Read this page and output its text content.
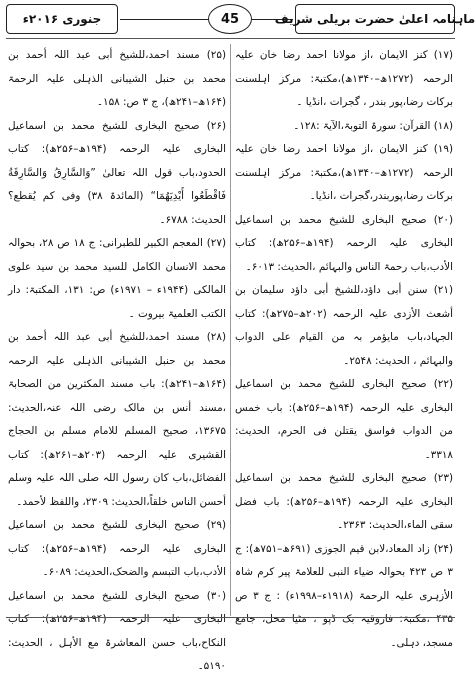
ماہنامہ اعلیٰ حضرت بریلی شریف
45
جنوری ۲۰۱۶ء

(۱۷) کنز الایمان ،از مولانا احمد رضا خان علیہ الرحمہ (۱۲۷۲ھ–۱۳۴۰ھ)،مکتبۃ: مرکز اہلسنت برکات رضا،پور بندر ، گجرات ،انڈیا ۔

(۱۸) القرآن: سورۃ التوبۃ،الآیۃ :۱۲۸۔

(۱۹) کنز الایمان ،از مولانا احمد رضا خان علیہ الرحمہ (۱۲۷۲ھ–۱۳۴۰ھ)،مکتبۃ: مرکز اہلسنت برکات رضا،پوربندر،گجرات ،انڈیا۔

(۲۰) صحیح البخاری للشیخ محمد بن اسماعیل البخاری علیہ الرحمہ (۱۹۴ھ–۲۵۶ھ): کتاب الأدب،باب رحمۃ الناس والبہائم ،الحدیث: ۶۰۱۳۔

(۲۱) سنن أبی داؤد،للشیخ أبی داؤد سلیمان بن أشعث الأزدی علیہ الرحمہ (۲۰۲ھ–۲۷۵ھ): کتاب الجہاد،باب مایؤمر بہ من القیام علی الدواب والبہائم ، الحدیث: ۲۵۴۸۔

(۲۲) صحیح البخاری للشیخ محمد بن اسماعیل البخاری علیہ الرحمہ (۱۹۴ھ–۲۵۶ھ): باب خمس من الدواب فواسق یقتلن فی الحرم، الحدیث: ۳۳۱۸۔

(۲۳) صحیح البخاری للشیخ محمد بن اسماعیل البخاری علیہ الرحمہ (۱۹۴ھ–۲۵۶ھ): باب فضل سقی الماء،الحدیث: ۲۳۶۳۔

(۲۴) زاد المعاد،لابن قیم الجوزی (۶۹۱ھ–۷۵۱ھ): ج ۳ ص ۴۲۳ بحوالہ ضیاء النبی للعلامۃ پیر کرم شاہ الأزہری علیہ الرحمۃ (۱۹۱۸ء–۱۹۹۸ء) : ج ۳ ص ۴۳۵ ،مکتبۃ: فاروقیہ بک ڈپو ، مٹیا محل، جامع مسجد، دہلی۔

(۲۵) مسند احمد،للشیخ أبی عبد اللہ أحمد بن محمد بن حنبل الشیبانی الذہلی علیہ الرحمۃ (۱۶۴ھ–۲۴۱ھ)، ج ۳ ص: ۱۵۸۔

(۲۶) صحیح البخاری للشیخ محمد بن اسماعیل البخاری علیہ الرحمہ (۱۹۴ھ–۲۵۶ھ): کتاب الحدود،باب قول اللہ تعالیٰ ”وَالسَّارِقُ وَالسَّارِقَةُ فَاقْطَعُوا أَيْدِيَهُمَا“ (المائدۃ ۳۸) وفی کم یُقطع؟ الحدیث: ۶۷۸۸۔

(۲۷) المعجم الکبیر للطبرانی: ج ۱۸ ص ۲۸، بحوالہ محمد الانسان الکامل للسید محمد بن سید علوی المالکی (۱۹۴۴ء – ۱۹۷۱ء) ص: ۱۳۱، المکتبۃ: دار الکتب العلمیۃ بیروت ۔

(۲۸) مسند احمد،للشیخ أبی عبد اللہ أحمد بن محمد بن حنبل الشیبانی الذہلی علیہ الرحمہ (۱۶۴ھ–۲۴۱ھ): باب مسند المکثرین من الصحابۃ ،مسند أنس بن مالک رضی اللہ عنہ،الحدیث: ۱۳۶۷۵، صحیح المسلم للامام مسلم بن الحجاج القشیری علیہ الرحمہ (۲۰۳ھ–۲۶۱ھ): کتاب الفضائل،باب کان رسول اللہ صلی اللہ علیہ وسلم أحسن الناس خلقاً،الحدیث: ۲۳۰۹، واللفظ لأحمد۔

(۲۹) صحیح البخاری للشیخ محمد بن اسماعیل البخاری علیہ الرحمہ (۱۹۴ھ–۲۵۶ھ): کتاب الأدب،باب التبسم والضحک،الحدیث: ۶۰۸۹۔

(۳۰) صحیح البخاری للشیخ محمد بن اسماعیل البخاری علیہ الرحمہ (۱۹۴ھ–۲۵۶ھ): کتاب النکاح،باب حسن المعاشرۃ مع الأہل ، الحدیث: ۵۱۹۰۔
